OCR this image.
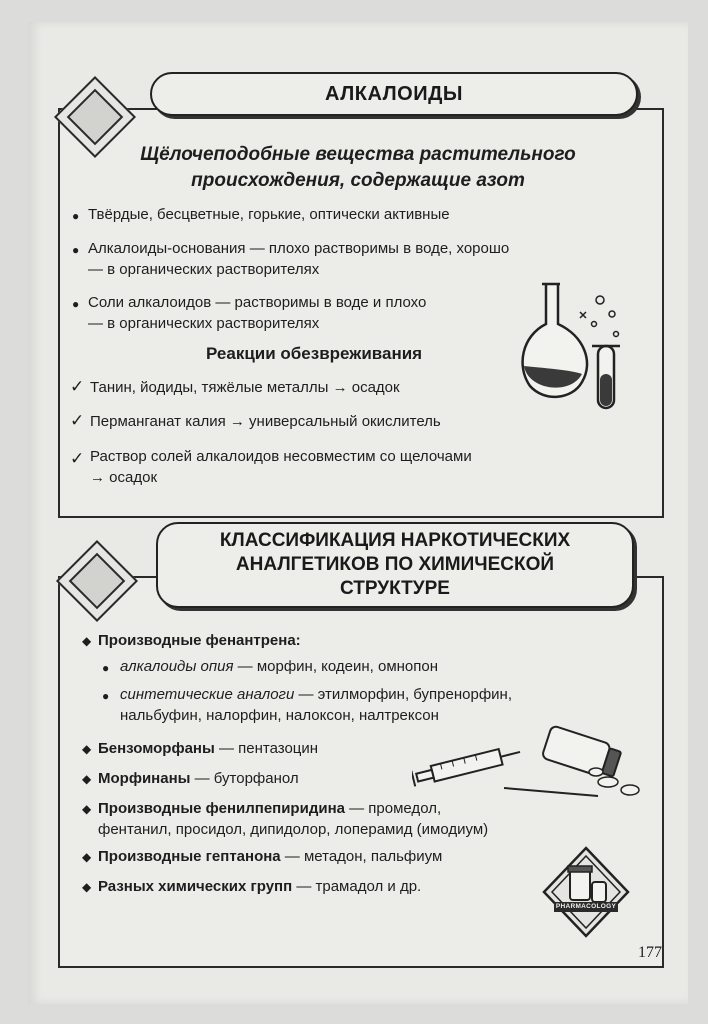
АЛКАЛОИДЫ
Щёлочеподобные вещества растительного
происхождения, содержащие азот
● Твёрдые, бесцветные, горькие, оптически активные
● Алкалоиды-основания — плохо растворимы в воде, хорошо
— в органических растворителях
● Соли алкалоидов — растворимы в воде и плохо
— в органических растворителях
Реакции обезвреживания
✓ Танин, йодиды, тяжёлые металлы → осадок
✓ Перманганат калия → универсальный окислитель
✓ Раствор солей алкалоидов несовместим со щелочами
→ осадок
КЛАССИФИКАЦИЯ НАРКОТИЧЕСКИХ
АНАЛГЕТИКОВ ПО ХИМИЧЕСКОЙ
СТРУКТУРЕ
◆ Производные фенантрена:
● алкалоиды опия — морфин, кодеин, омнопон
● синтетические аналоги — этилморфин, бупренорфин,
нальбуфин, налорфин, налоксон, налтрексон
◆ Бензоморфаны — пентазоцин
◆ Морфинаны — буторфанол
◆ Производные фенилпепиридина — промедол,
фентанил, просидол, дипидолор, лоперамид (имодиум)
◆ Производные гептанона — метадон, пальфиум
◆ Разных химических групп — трамадол и др.
PHARMACOLOGY
177
